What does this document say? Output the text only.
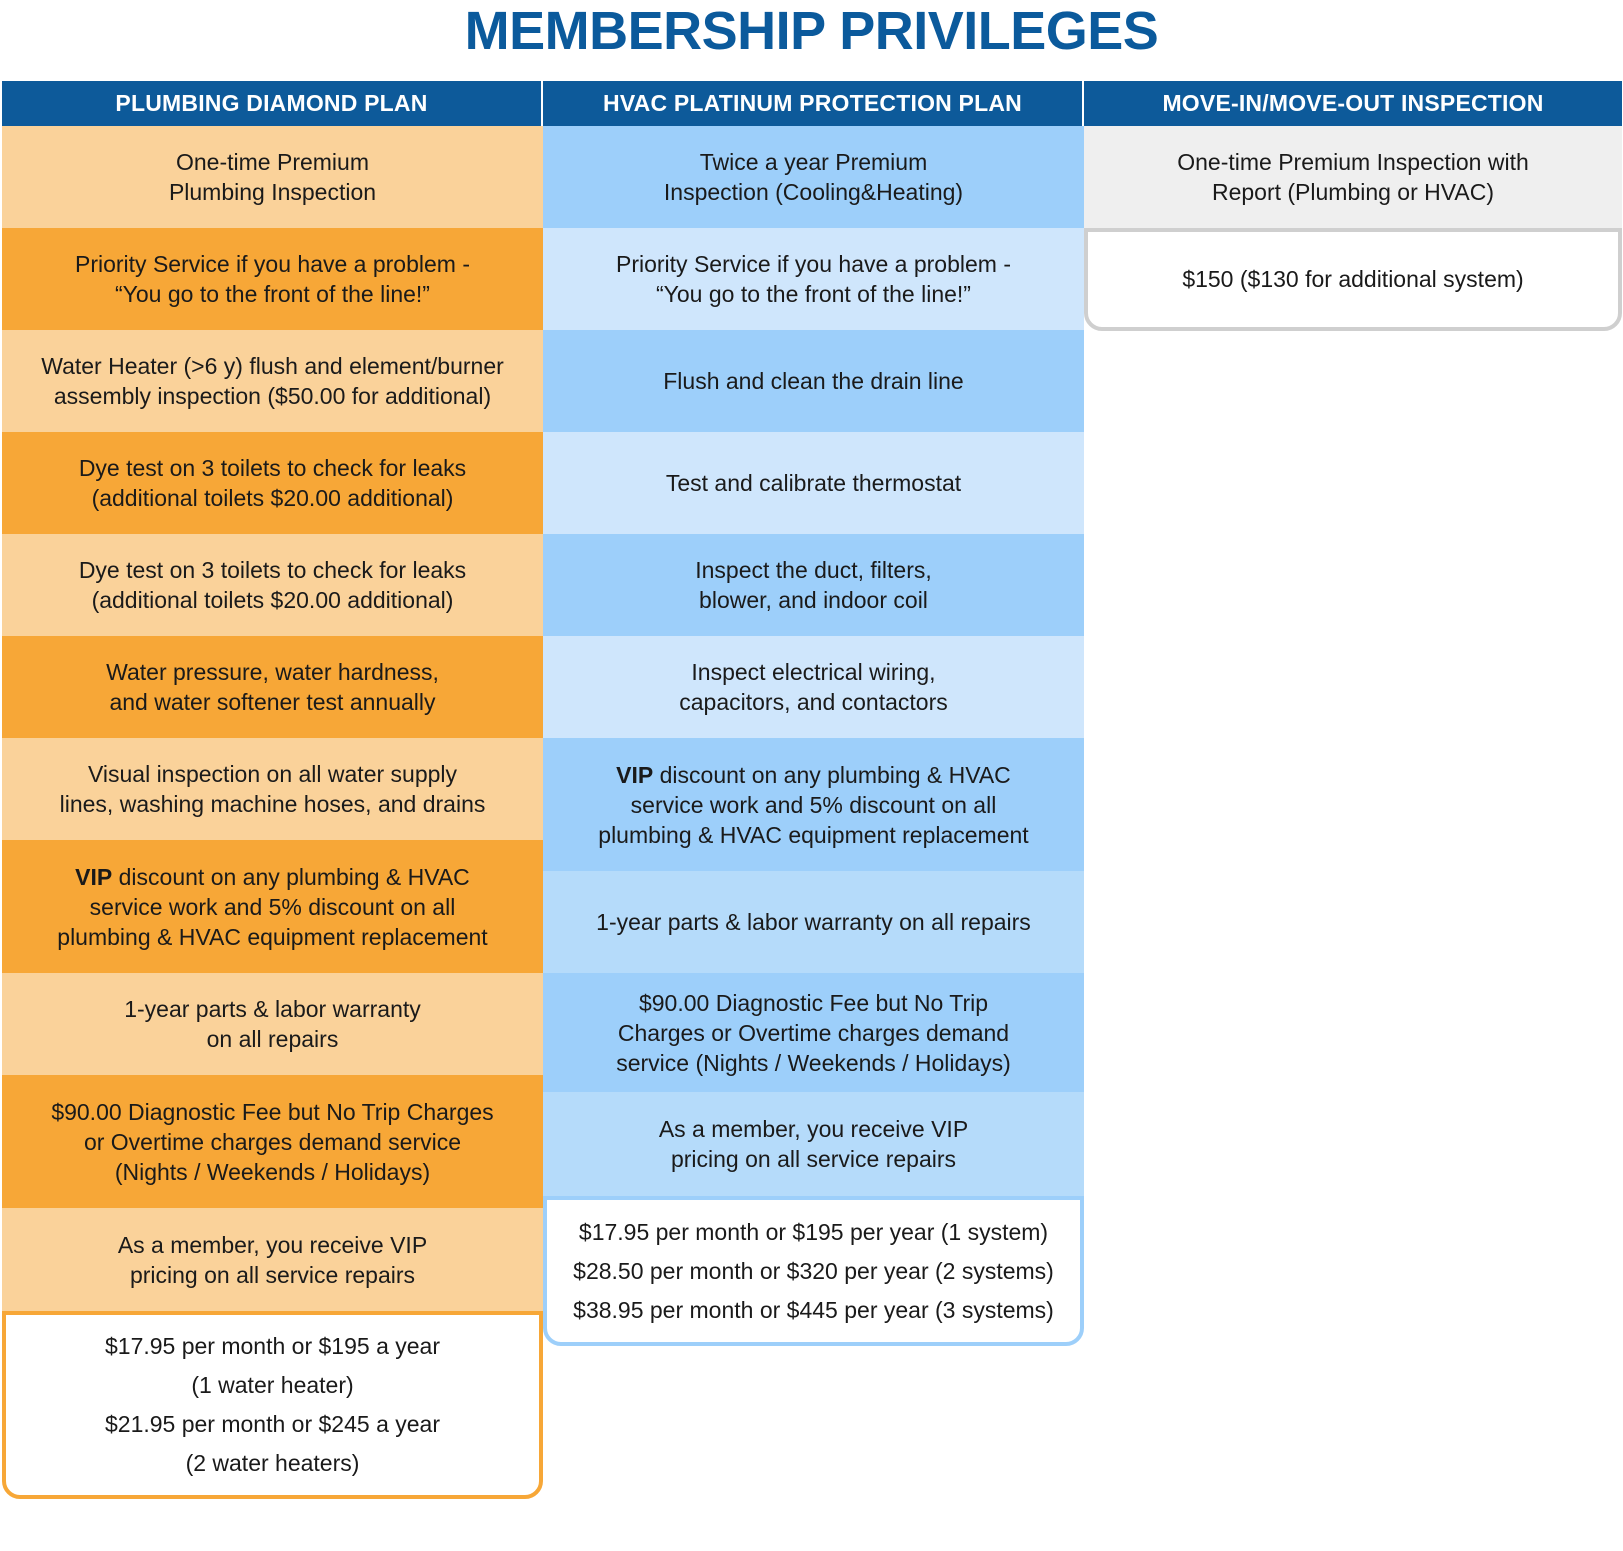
MEMBERSHIP PRIVILEGES
PLUMBING DIAMOND PLAN
One-time Premium
Plumbing Inspection
Priority Service if you have a problem -
“You go to the front of the line!”
Water Heater (>6 y) flush and element/burner
assembly inspection ($50.00 for additional)
Dye test on 3 toilets to check for leaks
(additional toilets $20.00 additional)
Dye test on 3 toilets to check for leaks
(additional toilets $20.00 additional)
Water pressure, water hardness,
and water softener test annually
Visual inspection on all water supply
lines, washing machine hoses, and drains
VIP discount on any plumbing & HVAC
service work and 5% discount on all
plumbing & HVAC equipment replacement
1-year parts & labor warranty
on all repairs
$90.00 Diagnostic Fee but No Trip Charges
or Overtime charges demand service
(Nights / Weekends / Holidays)
As a member, you receive VIP
pricing on all service repairs
$17.95 per month or $195 a year
(1 water heater)
$21.95 per month or $245 a year
(2 water heaters)
HVAC PLATINUM PROTECTION PLAN
Twice a year Premium
Inspection (Cooling&Heating)
Priority Service if you have a problem -
“You go to the front of the line!”
Flush and clean the drain line
Test and calibrate thermostat
Inspect the duct, filters,
blower, and indoor coil
Inspect electrical wiring,
capacitors, and contactors
VIP discount on any plumbing & HVAC
service work and 5% discount on all
plumbing & HVAC equipment replacement
1-year parts & labor warranty on all repairs
$90.00 Diagnostic Fee but No Trip
Charges or Overtime charges demand
service (Nights / Weekends / Holidays)
As a member, you receive VIP
pricing on all service repairs
$17.95 per month or $195 per year (1 system)
$28.50 per month or $320 per year (2 systems)
$38.95 per month or $445 per year (3 systems)
MOVE-IN/MOVE-OUT INSPECTION
One-time Premium Inspection with
Report (Plumbing or HVAC)
$150 ($130 for additional system)
